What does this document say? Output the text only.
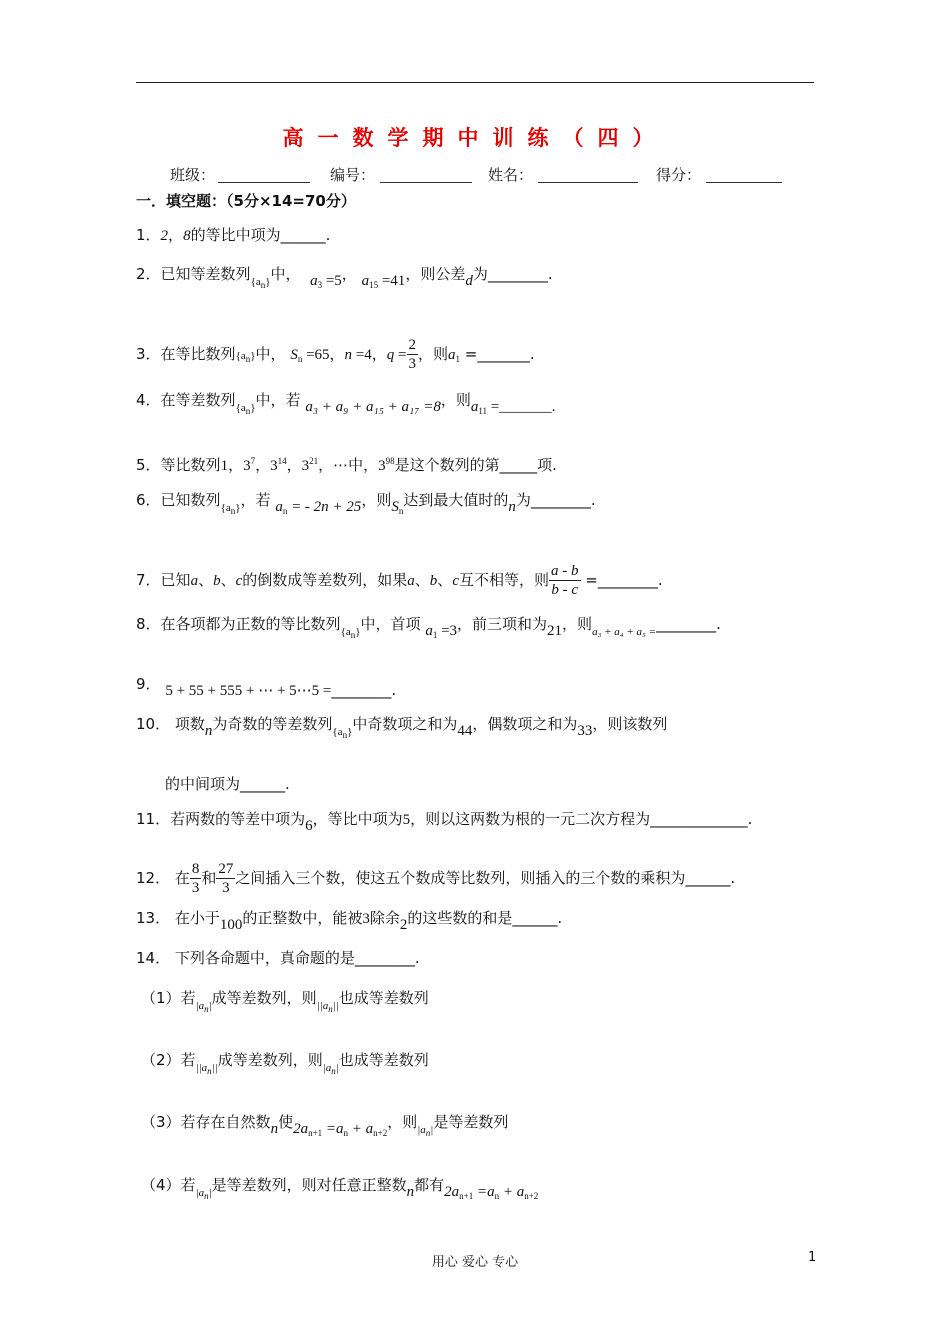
高一数学期中训练（四）
班级：	编号：	姓名：	得分：
一．填空题：（5分×14=70分）
1．2，8的等比中项为______.
2．已知等差数列$_{\{a_n\}}$中， $a_3 =5$， $a_{15} =41$，则公差d为________.
3．在等比数列$\{a_n\}$中， $S_n =65$，n =4，$q = \frac{2}{3}$ ，则$a_1$ =_______.
4．在等差数列$_{\{a_n\}}$中，若 a₃ + a₉ + a₁₅ + a₁₇ =8，则$a_{11}$ =_______.
5．等比数列1，$3^7$，$3^{14}$，$3^{21}$，⋯中，$3^{98}$是这个数列的第_____项.
6．已知数列$_{\{a_n\}}$，若 $a_n$ = - 2n + 25，则$S_n$达到最大值时的n为________.
7．已知a、b、c的倒数成等差数列，如果a、b、c互不相等，则 $\frac{a - b}{b - c}$ =________.
8．在各项都为正数的等比数列$_{\{a_n\}}$中，首项 $a_1 =3$，前三项和为21，则$_{a_3 + a_4 + a_5 =}$________.
9． 5 + 55 + 555 + ⋯ + 5⋯5 =________.
10． 项数n为奇数的等差数列$_{\{a_n\}}$中奇数项之和为44，偶数项之和为33，则该数列
的中间项为______.
11．若两数的等差中项为6，等比中项为5，则以这两数为根的一元二次方程为_____________.
12． 在 $\frac{8}{3}$ 和 $\frac{27}{3}$ 之间插入三个数，使这五个数成等比数列，则插入的三个数的乘积为______.
13． 在小于100的正整数中，能被3除余2的这些数的和是______.
14． 下列各命题中，真命题的是________.
（1）若$_{|a_n|}$成等差数列，则$_{||a_n||}$也成等差数列
（2）若$_{||a_n||}$成等差数列，则$_{|a_n|}$也成等差数列
（3）若存在自然数n使$2a_{n+1} =a_n + a_{n+2}$，则$_{|a_n|}$是等差数列
（4）若$_{|a_n|}$是等差数列，则对任意正整数n都有$2a_{n+1} =a_n + a_{n+2}$
用心 爱心 专心	1
